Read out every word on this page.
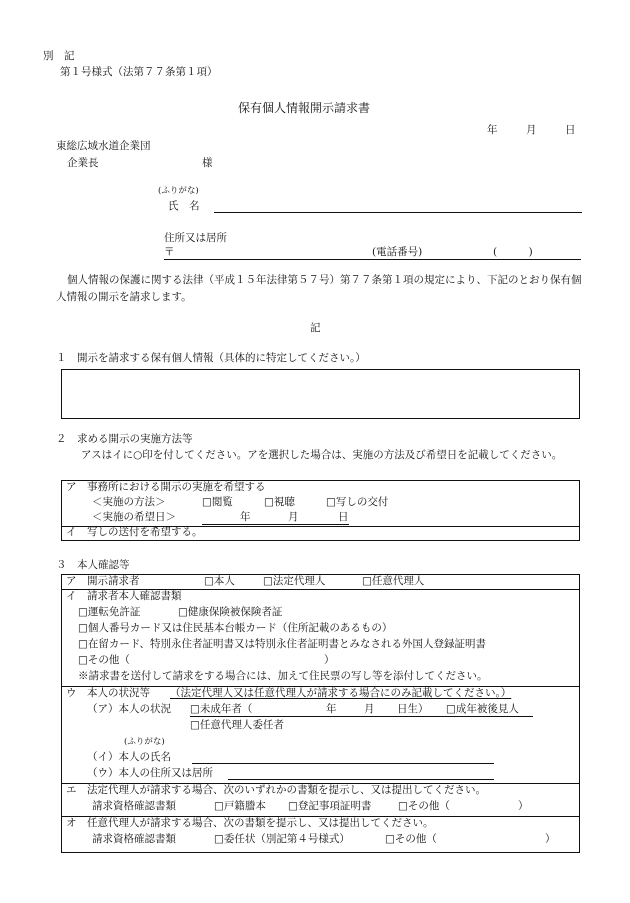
別　記
第１号様式（法第７７条第１項）
保有個人情報開示請求書
年	月	日
東総広域水道企業団
企業長	様
(ふりがな)
氏　名
住所又は居所
〒	(電話番号)	(　　　)
個人情報の保護に関する法律（平成１５年法律第５７号）第７７条第１項の規定により、下記のとおり保有個人情報の開示を請求します。
記
１　開示を請求する保有個人情報（具体的に特定してください。）
２　求める開示の実施方法等
アスはイに○印を付してください。アを選択した場合は、実施の方法及び希望日を記載してください。
ア　事務所における開示の実施を希望する
＜実施の方法＞	□閲覧	□視聴	□写しの交付
＜実施の希望日＞	年	月	日
イ　写しの送付を希望する。
３　本人確認等
ア　開示請求者	□本人	□法定代理人	□任意代理人
イ　請求者本人確認書類
□運転免許証	□健康保険被保険者証
□個人番号カード又は住民基本台帳カード（住所記載のあるもの）
□在留カード、特別永住者証明書又は特別永住者証明書とみなされる外国人登録証明書
□その他（	）
※請求書を送付して請求をする場合には、加えて住民票の写し等を添付してください。
ウ　本人の状況等 （法定代理人又は任意代理人が請求する場合にのみ記載してください。）
（ア）本人の状況 □未成年者（	年	月 日生） □成年被後見人
□任意代理人委任者
(ふりがな)
（イ）本人の氏名
（ウ）本人の住所又は居所
エ　法定代理人が請求する場合、次のいずれかの書類を提示し、又は提出してください。
請求資格確認書類	□戸籍謄本 □登記事項証明書	□その他（	）
オ　任意代理人が請求する場合、次の書類を提示し、又は提出してください。
請求資格確認書類	□委任状（別記第４号様式）	□その他（	）
